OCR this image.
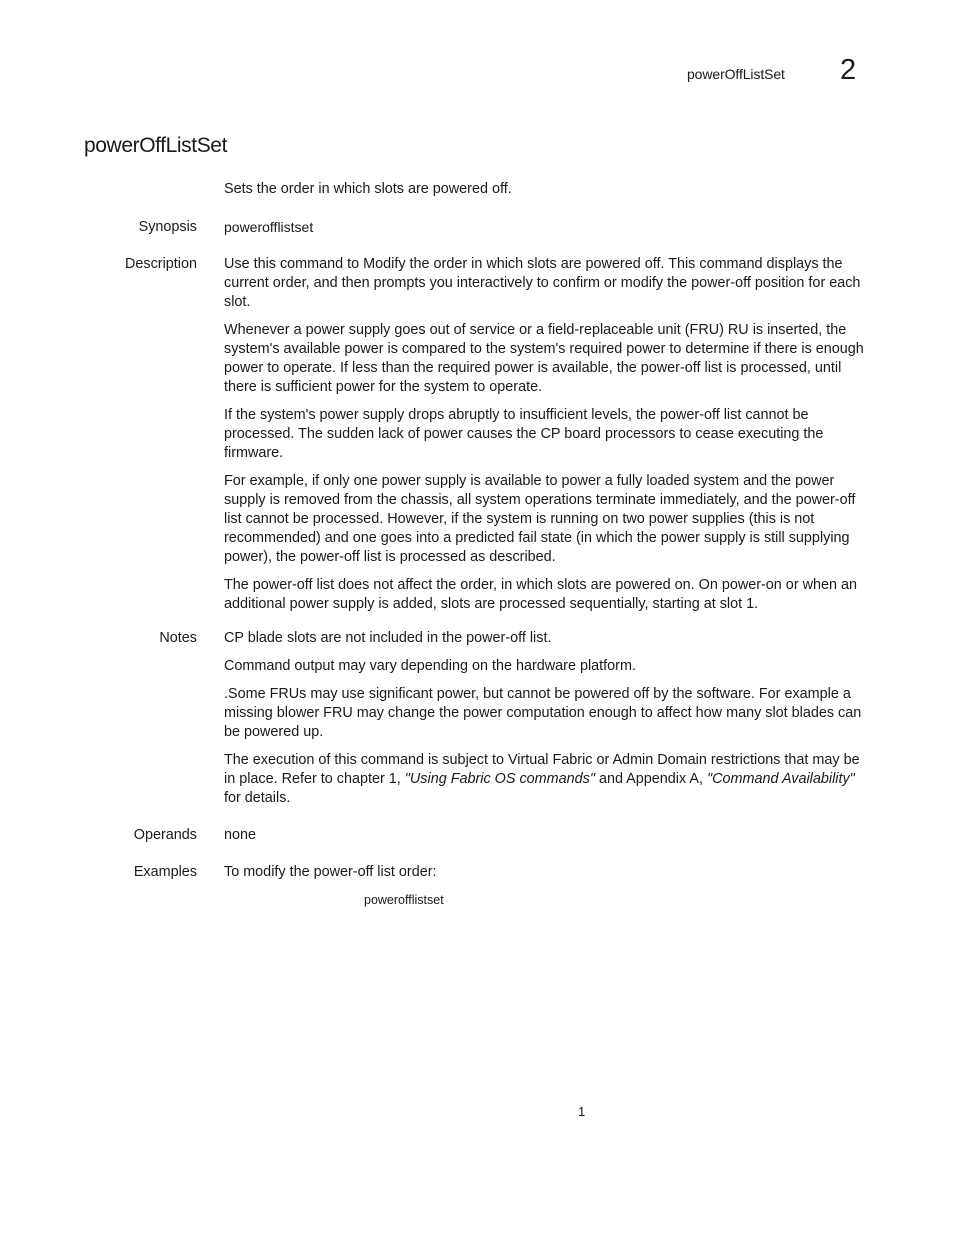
powerOffListSet 2
powerOffListSet
Sets the order in which slots are powered off.
Synopsis powerofflistset
Description Use this command to Modify the order in which slots are powered off. This command displays the current order, and then prompts you interactively to confirm or modify the power-off position for each slot.

Whenever a power supply goes out of service or a field-replaceable unit (FRU) RU is inserted, the system's available power is compared to the system's required power to determine if there is enough power to operate. If less than the required power is available, the power-off list is processed, until there is sufficient power for the system to operate.

If the system's power supply drops abruptly to insufficient levels, the power-off list cannot be processed. The sudden lack of power causes the CP board processors to cease executing the firmware.

For example, if only one power supply is available to power a fully loaded system and the power supply is removed from the chassis, all system operations terminate immediately, and the power-off list cannot be processed. However, if the system is running on two power supplies (this is not recommended) and one goes into a predicted fail state (in which the power supply is still supplying power), the power-off list is processed as described.

The power-off list does not affect the order, in which slots are powered on. On power-on or when an additional power supply is added, slots are processed sequentially, starting at slot 1.

Notes CP blade slots are not included in the power-off list.

Command output may vary depending on the hardware platform.

.Some FRUs may use significant power, but cannot be powered off by the software. For example a missing blower FRU may change the power computation enough to affect how many slot blades can be powered up.

The execution of this command is subject to Virtual Fabric or Admin Domain restrictions that may be in place. Refer to chapter 1, "Using Fabric OS commands" and Appendix A, "Command Availability" for details.

Operands none
Examples To modify the power-off list order:
powerofflistset
1
